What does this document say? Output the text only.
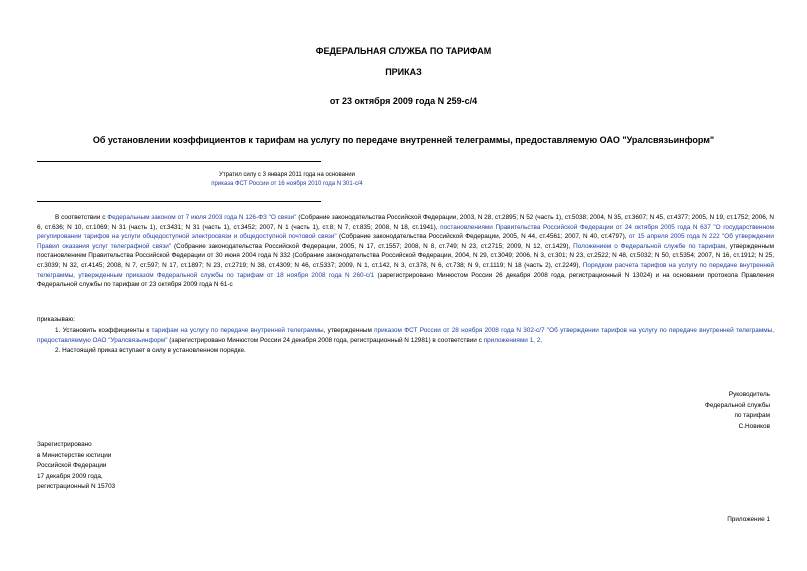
ФЕДЕРАЛЬНАЯ СЛУЖБА ПО ТАРИФАМ
ПРИКАЗ
от 23 октября 2009 года N 259-с/4
Об установлении коэффициентов к тарифам на услугу по передаче внутренней телеграммы, предоставляемую ОАО "Уралсвязьинформ"
Утратил силу с 3 января 2011 года на основании
приказа ФСТ России от 16 ноября 2010 года N 301-с/4
В соответствии с Федеральным законом от 7 июля 2003 года N 126-ФЗ "О связи" (Собрание законодательства Российской Федерации, 2003, N 28, ст.2895; N 52 (часть 1), ст.5038; 2004, N 35, ст.3607; N 45, ст.4377; 2005, N 19, ст.1752; 2006, N 6, ст.636; N 10, ст.1069; N 31 (часть 1), ст.3431; N 31 (часть 1), ст.3452; 2007, N 1 (часть 1), ст.8; N 7, ст.835; 2008, N 18, ст.1941), постановлениями Правительства Российской Федерации от 24 октября 2005 года N 637 "О государственном регулировании тарифов на услуги общедоступной электросвязи и общедоступной почтовой связи" (Собрание законодательства Российской Федерации, 2005, N 44, ст.4561; 2007, N 40, ст.4797), от 15 апреля 2005 года N 222 "Об утверждении Правил оказания услуг телеграфной связи" (Собрание законодательства Российской Федерации, 2005, N 17, ст.1557; 2008, N 8, ст.749; N 23, ст.2715; 2009, N 12, ст.1429), Положением о Федеральной службе по тарифам, утвержденным постановлением Правительства Российской Федерации от 30 июня 2004 года N 332 (Собрание законодательства Российской Федерации, 2004, N 29, ст.3049; 2006, N 3, ст.301; N 23, ст.2522; N 48, ст.5032; N 50, ст.5354; 2007, N 16, ст.1912; N 25, ст.3039; N 32, ст.4145; 2008, N 7, ст.597; N 17, ст.1897; N 23, ст.2719; N 38, ст.4309; N 46, ст.5337; 2009, N 1, ст.142, N 3, ст.378, N 6, ст.738; N 9, ст.1119; N 18 (часть 2), ст.2249), Порядком расчета тарифов на услугу по передаче внутренней телеграммы, утвержденным приказом Федеральной службы по тарифам от 18 ноября 2008 года N 260-с/1 (зарегистрировано Минюстом России 26 декабря 2008 года, регистрационный N 13024) и на основании протокола Правления Федеральной службы по тарифам от 23 октября 2009 года N 61-с
приказываю:
1. Установить коэффициенты к тарифам на услугу по передаче внутренней телеграммы, утвержденным приказом ФСТ России от 28 ноября 2008 года N 302-с/7 "Об утверждении тарифов на услугу по передаче внутренней телеграммы, предоставляемую ОАО "Уралсвязьинформ" (зарегистрировано Минюстом России 24 декабря 2008 года, регистрационный N 12981) в соответствии с приложениями 1, 2.
2. Настоящий приказ вступает в силу в установленном порядке.
Руководитель
Федеральной службы
по тарифам
С.Новиков
Зарегистрировано
в Министерстве юстиции
Российской Федерации
17 декабря 2009 года,
регистрационный N 15703
Приложение 1
